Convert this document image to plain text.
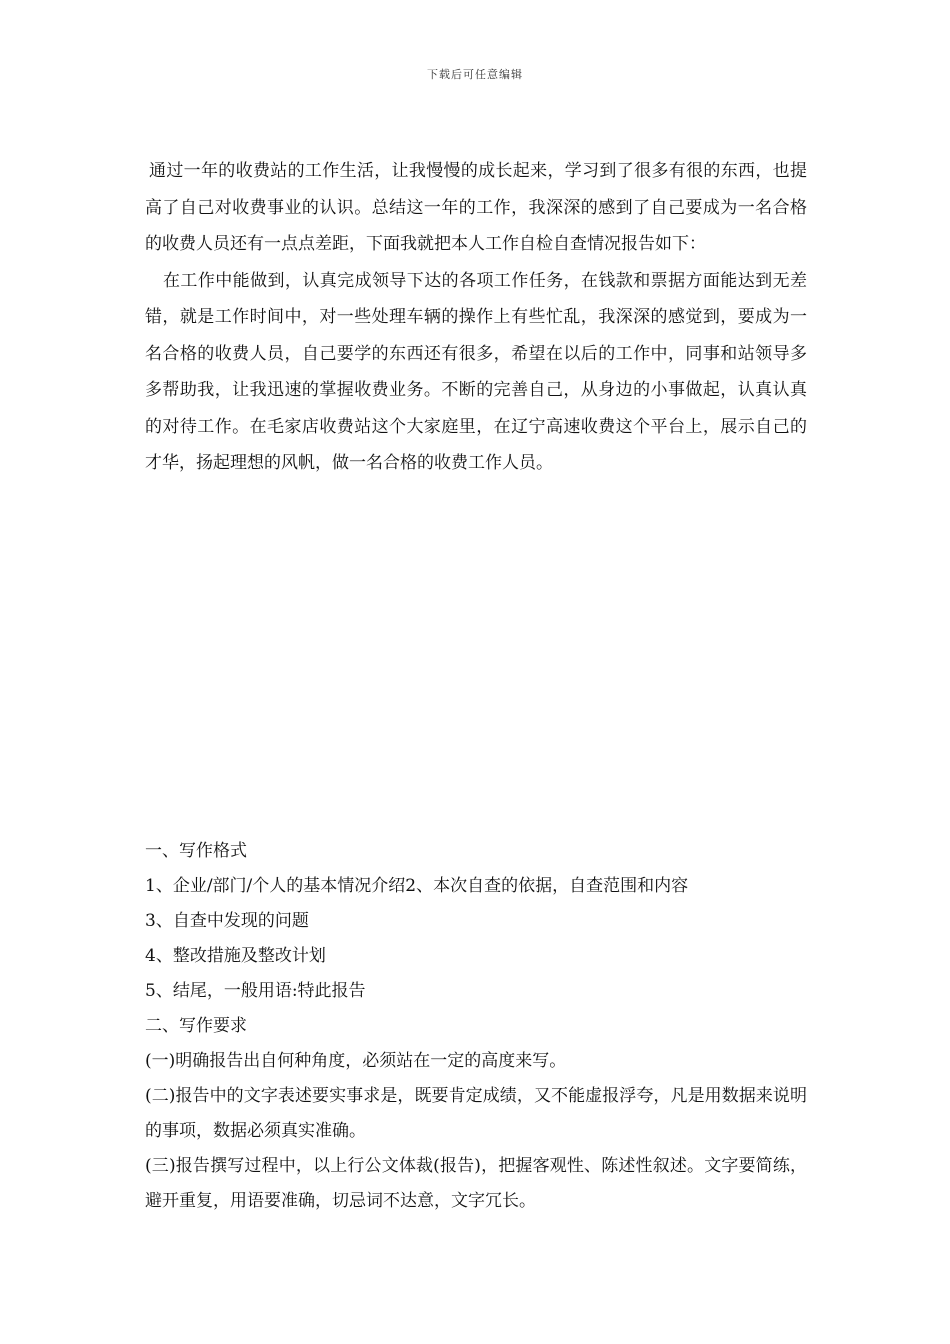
下载后可任意编辑

通过一年的收费站的工作生活，让我慢慢的成长起来，学习到了很多有很的东西，也提高了自己对收费事业的认识。总结这一年的工作，我深深的感到了自己要成为一名合格的收费人员还有一点点差距，下面我就把本人工作自检自查情况报告如下：

在工作中能做到，认真完成领导下达的各项工作任务，在钱款和票据方面能达到无差错，就是工作时间中，对一些处理车辆的操作上有些忙乱，我深深的感觉到，要成为一名合格的收费人员，自己要学的东西还有很多，希望在以后的工作中，同事和站领导多多帮助我，让我迅速的掌握收费业务。不断的完善自己，从身边的小事做起，认真认真的对待工作。在毛家店收费站这个大家庭里，在辽宁高速收费这个平台上，展示自己的才华，扬起理想的风帆，做一名合格的收费工作人员。

一、写作格式

1、企业/部门/个人的基本情况介绍2、本次自查的依据，自查范围和内容

3、自查中发现的问题

4、整改措施及整改计划

5、结尾，一般用语:特此报告

二、写作要求

(一)明确报告出自何种角度，必须站在一定的高度来写。

(二)报告中的文字表述要实事求是，既要肯定成绩，又不能虚报浮夸，凡是用数据来说明的事项，数据必须真实准确。

(三)报告撰写过程中，以上行公文体裁(报告)，把握客观性、陈述性叙述。文字要简练，避开重复，用语要准确，切忌词不达意，文字冗长。
